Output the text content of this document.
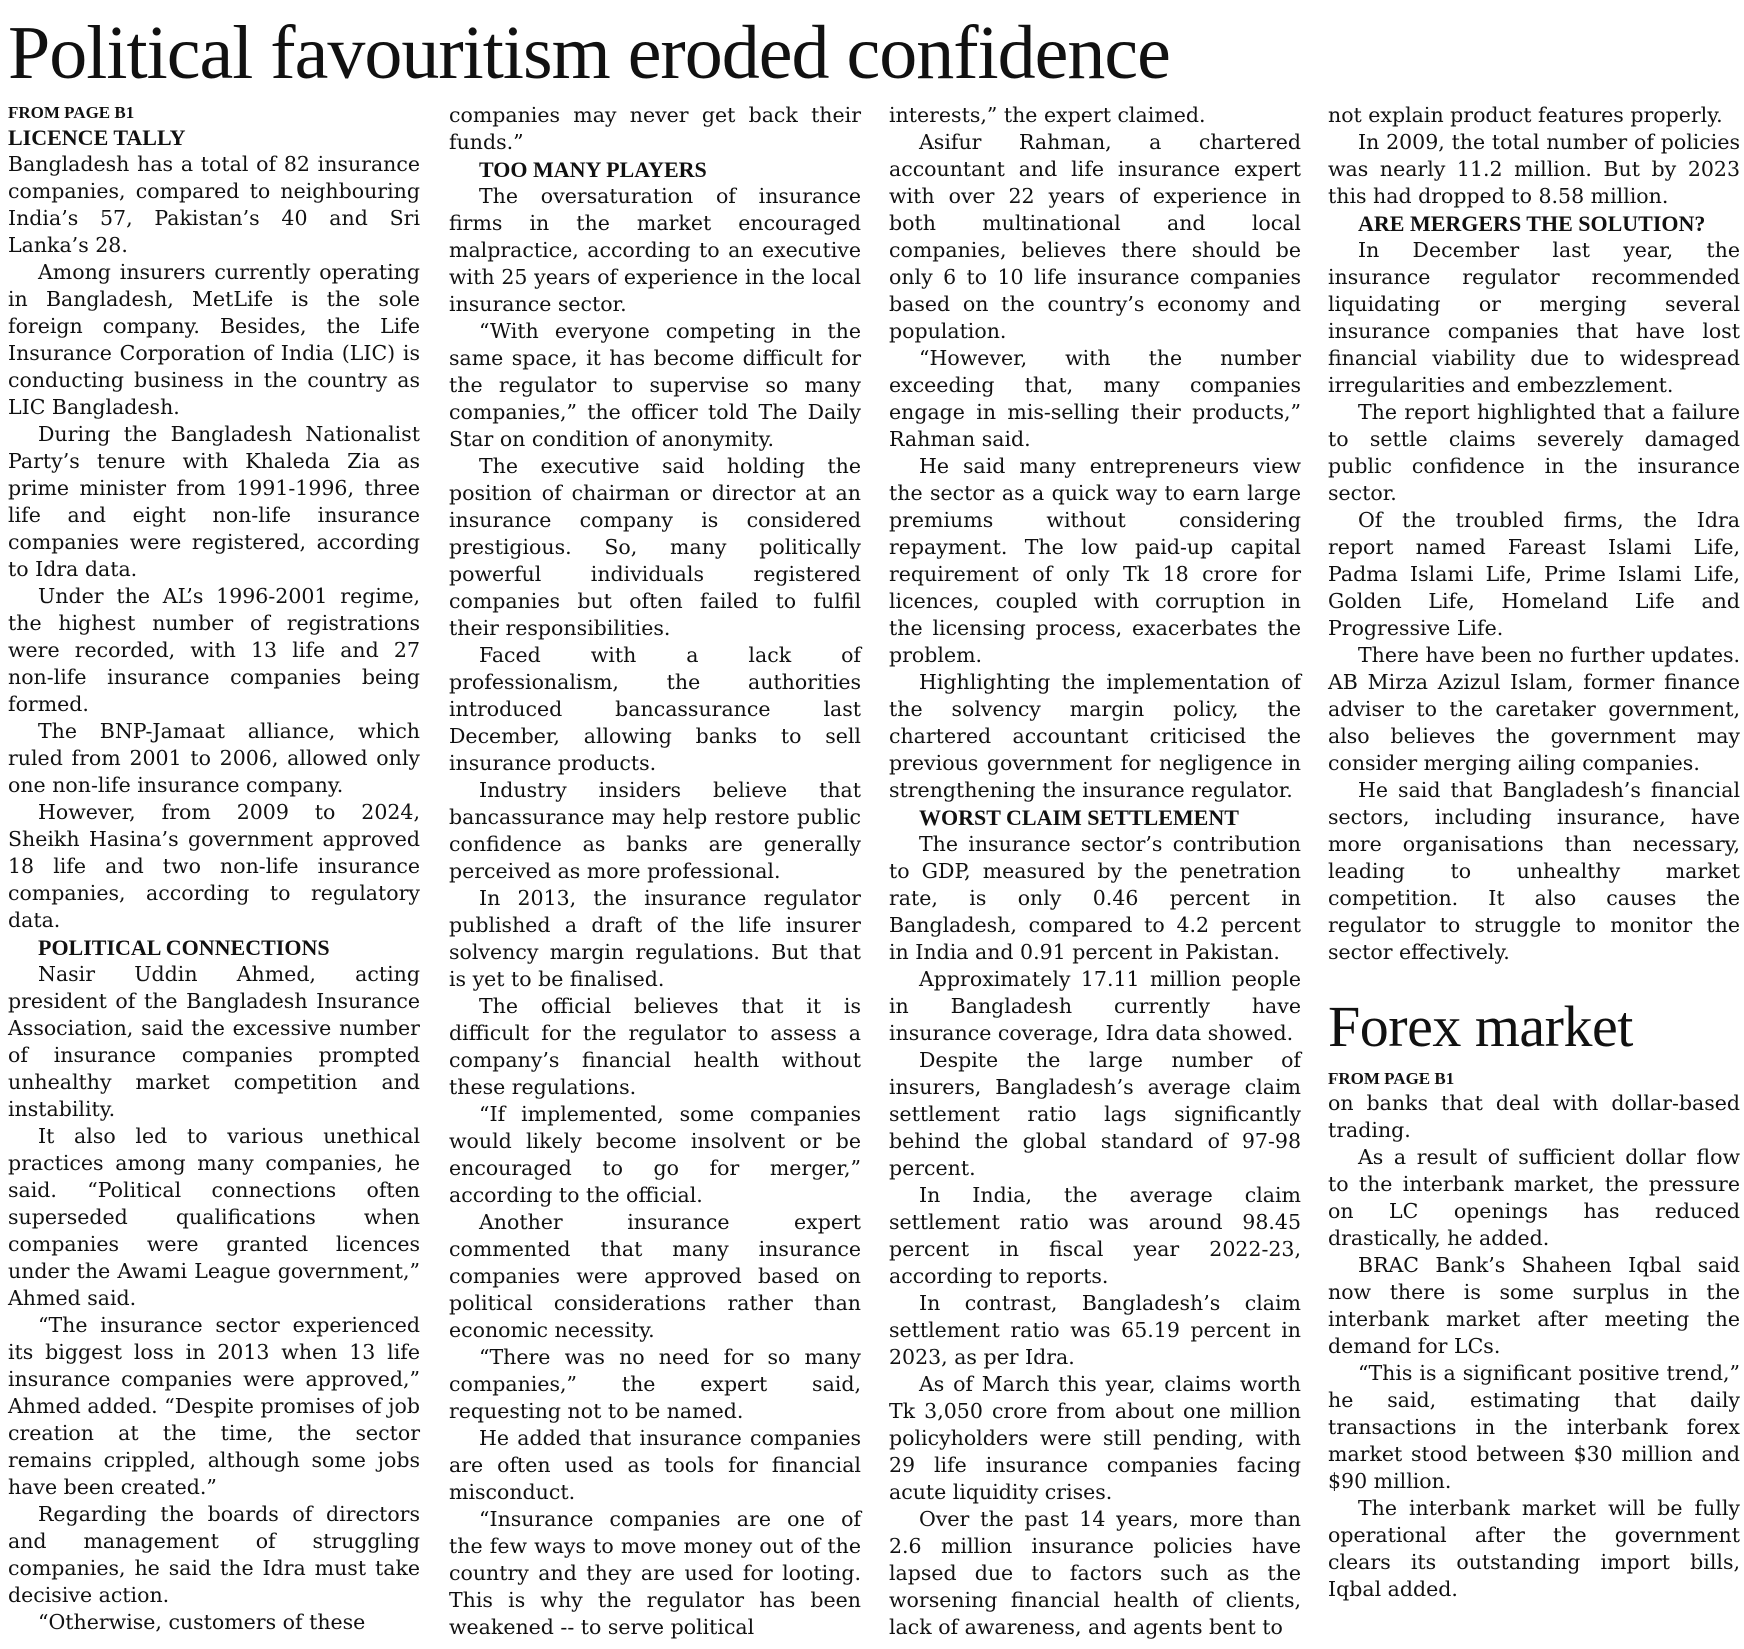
Political favouritism eroded confidence
FROM PAGE B1
LICENCE TALLY

Bangladesh has a total of 82 insurance companies, compared to neighbouring India’s 57, Pakistan’s 40 and Sri Lanka’s 28.

Among insurers currently operating in Bangladesh, MetLife is the sole foreign company. Besides, the Life Insurance Corporation of India (LIC) is conducting business in the country as LIC Bangladesh.

During the Bangladesh Nationalist Party’s tenure with Khaleda Zia as prime minister from 1991-1996, three life and eight non-life insurance companies were registered, according to Idra data.

Under the AL’s 1996-2001 regime, the highest number of registrations were recorded, with 13 life and 27 non-life insurance companies being formed.

The BNP-Jamaat alliance, which ruled from 2001 to 2006, allowed only one non-life insurance company.

However, from 2009 to 2024, Sheikh Hasina’s government approved 18 life and two non-life insurance companies, according to regulatory data.

POLITICAL CONNECTIONS

Nasir Uddin Ahmed, acting president of the Bangladesh Insurance Association, said the excessive number of insurance companies prompted unhealthy market competition and instability.

It also led to various unethical practices among many companies, he said. “Political connections often superseded qualifications when companies were granted licences under the Awami League government,” Ahmed said.

“The insurance sector experienced its biggest loss in 2013 when 13 life insurance companies were approved,” Ahmed added. “Despite promises of job creation at the time, the sector remains crippled, although some jobs have been created.”

Regarding the boards of directors and management of struggling companies, he said the Idra must take decisive action.

“Otherwise, customers of these

companies may never get back their funds.”

TOO MANY PLAYERS

The oversaturation of insurance firms in the market encouraged malpractice, according to an executive with 25 years of experience in the local insurance sector.

“With everyone competing in the same space, it has become difficult for the regulator to supervise so many companies,” the officer told The Daily Star on condition of anonymity.

The executive said holding the position of chairman or director at an insurance company is considered prestigious. So, many politically powerful individuals registered companies but often failed to fulfil their responsibilities.

Faced with a lack of professionalism, the authorities introduced bancassurance last December, allowing banks to sell insurance products.

Industry insiders believe that bancassurance may help restore public confidence as banks are generally perceived as more professional.

In 2013, the insurance regulator published a draft of the life insurer solvency margin regulations. But that is yet to be finalised.

The official believes that it is difficult for the regulator to assess a company’s financial health without these regulations.

“If implemented, some companies would likely become insolvent or be encouraged to go for merger,” according to the official.

Another insurance expert commented that many insurance companies were approved based on political considerations rather than economic necessity.

“There was no need for so many companies,” the expert said, requesting not to be named.

He added that insurance companies are often used as tools for financial misconduct.

“Insurance companies are one of the few ways to move money out of the country and they are used for looting. This is why the regulator has been weakened -- to serve political

interests,” the expert claimed.

Asifur Rahman, a chartered accountant and life insurance expert with over 22 years of experience in both multinational and local companies, believes there should be only 6 to 10 life insurance companies based on the country’s economy and population.

“However, with the number exceeding that, many companies engage in mis-selling their products,” Rahman said.

He said many entrepreneurs view the sector as a quick way to earn large premiums without considering repayment. The low paid-up capital requirement of only Tk 18 crore for licences, coupled with corruption in the licensing process, exacerbates the problem.

Highlighting the implementation of the solvency margin policy, the chartered accountant criticised the previous government for negligence in strengthening the insurance regulator.

WORST CLAIM SETTLEMENT

The insurance sector’s contribution to GDP, measured by the penetration rate, is only 0.46 percent in Bangladesh, compared to 4.2 percent in India and 0.91 percent in Pakistan.

Approximately 17.11 million people in Bangladesh currently have insurance coverage, Idra data showed.

Despite the large number of insurers, Bangladesh’s average claim settlement ratio lags significantly behind the global standard of 97-98 percent.

In India, the average claim settlement ratio was around 98.45 percent in fiscal year 2022-23, according to reports.

In contrast, Bangladesh’s claim settlement ratio was 65.19 percent in 2023, as per Idra.

As of March this year, claims worth Tk 3,050 crore from about one million policyholders were still pending, with 29 life insurance companies facing acute liquidity crises.

Over the past 14 years, more than 2.6 million insurance policies have lapsed due to factors such as the worsening financial health of clients, lack of awareness, and agents bent to

not explain product features properly.

In 2009, the total number of policies was nearly 11.2 million. But by 2023 this had dropped to 8.58 million.

ARE MERGERS THE SOLUTION?

In December last year, the insurance regulator recommended liquidating or merging several insurance companies that have lost financial viability due to widespread irregularities and embezzlement.

The report highlighted that a failure to settle claims severely damaged public confidence in the insurance sector.

Of the troubled firms, the Idra report named Fareast Islami Life, Padma Islami Life, Prime Islami Life, Golden Life, Homeland Life and Progressive Life.

There have been no further updates. AB Mirza Azizul Islam, former finance adviser to the caretaker government, also believes the government may consider merging ailing companies.

He said that Bangladesh’s financial sectors, including insurance, have more organisations than necessary, leading to unhealthy market competition. It also causes the regulator to struggle to monitor the sector effectively.

Forex market
FROM PAGE B1

on banks that deal with dollar-based trading.

As a result of sufficient dollar flow to the interbank market, the pressure on LC openings has reduced drastically, he added.

BRAC Bank’s Shaheen Iqbal said now there is some surplus in the interbank market after meeting the demand for LCs.

“This is a significant positive trend,” he said, estimating that daily transactions in the interbank forex market stood between $30 million and $90 million.

The interbank market will be fully operational after the government clears its outstanding import bills, Iqbal added.
